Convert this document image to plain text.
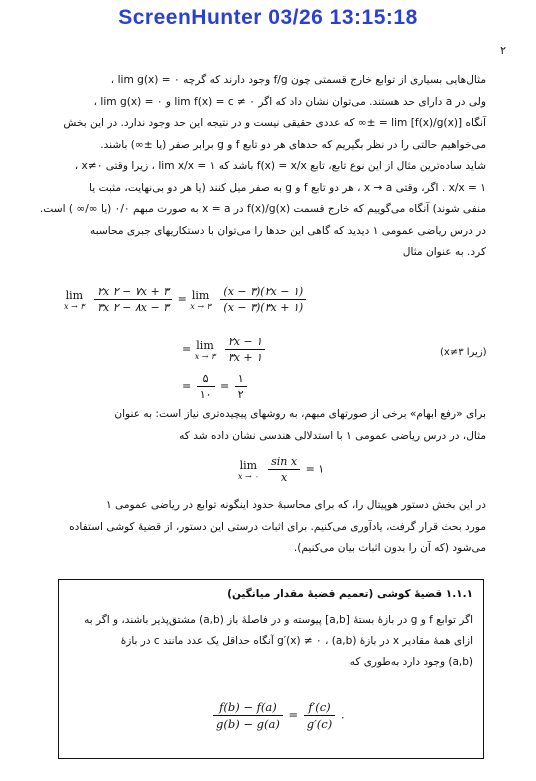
ScreenHunter 03/26 13:15:18
۲
مثال‌هایی بسیاری از توابع خارج قسمتی چون f/g وجود دارند که گرچه lim g(x) = ۰ ،
ولی در a دارای حد هستند. می‌توان نشان داد که اگر lim f(x) = c ≠ ۰ و lim g(x) = ۰ ،
آنگاه lim [f(x)/g(x)] = ±∞ که عددی حقیقی نیست و در نتیجه این حد وجود ندارد. در این بخش
می‌خواهیم حالتی را در نظر بگیریم که حدهای هر دو تابع f و g برابر صفر (یا ±∞) باشند.
شاید ساده‌ترین مثال از این نوع تابع، تابع f(x) = x/x باشد که lim x/x = ۱ ، زیرا وقتی x≠۰ ،
۱ = x/x . اگر، وقتی x → a ، هر دو تابع f و g به صفر میل کنند (یا هر دو بی‌نهایت، مثبت یا
منفی شوند) آنگاه می‌گوییم که خارج قسمت f(x)/g(x) در x = a به صورت مبهم ۰/۰ (یا ∞/∞ ) است.
در درس ریاضی عمومی ۱ دیدید که گاهی این حدها را می‌توان با دستکاریهای جبری محاسبه
کرد. به عنوان مثال
lim
x → ۳
$\frac{۲x ۲ - ۷x + ۳}{۳x ۲ - ۸x - ۳} = \lim$
x → ۳
$\frac{(x - ۳)(۲x - ۱)}{(x - ۳)(۳x + ۱)}$
= lim
x → ۳
$\frac{۲x - ۱}{۳x + ۱}$	(زیرا x≠۳)
= $\frac{۵}{۱۰} = \frac{۱}{۲}$
برای «رفع ابهام» برخی از صورتهای مبهم، به روشهای پیچیده‌تری نیاز است: به عنوان
مثال، در درس ریاضی عمومی ۱ با استدلالی هندسی نشان داده شد که
lim
x → ۰
$\frac{\text{sin x}}{x}$ = ۱
در این بخش دستور هوپیتال را، که برای محاسبهٔ حدود اینگونه توابع در ریاضی عمومی ۱
مورد بحث قرار گرفت، یادآوری می‌کنیم. برای اثبات درستی این دستور، از قضیهٔ کوشی استفاده
می‌شود (که آن را بدون اثبات بیان می‌کنیم).
۱.۱.۱ قضیهٔ کوشی (تعمیم قضیهٔ مقدار میانگین)
اگر توابع f و g در بازهٔ بستهٔ [a,b] پیوسته و در فاصلهٔ باز (a,b) مشتق‌پذیر باشند، و اگر به
ازای همهٔ مقادیر x در بازهٔ (a,b) ، g′(x) ≠ ۰ آنگاه حداقل یک عدد مانند c در بازهٔ
(a,b) وجود دارد به‌طوری که
$\frac{f(b) - f(a)}{g(b) - g(a)} = \frac{f'(c)}{g'(c)}$ .
